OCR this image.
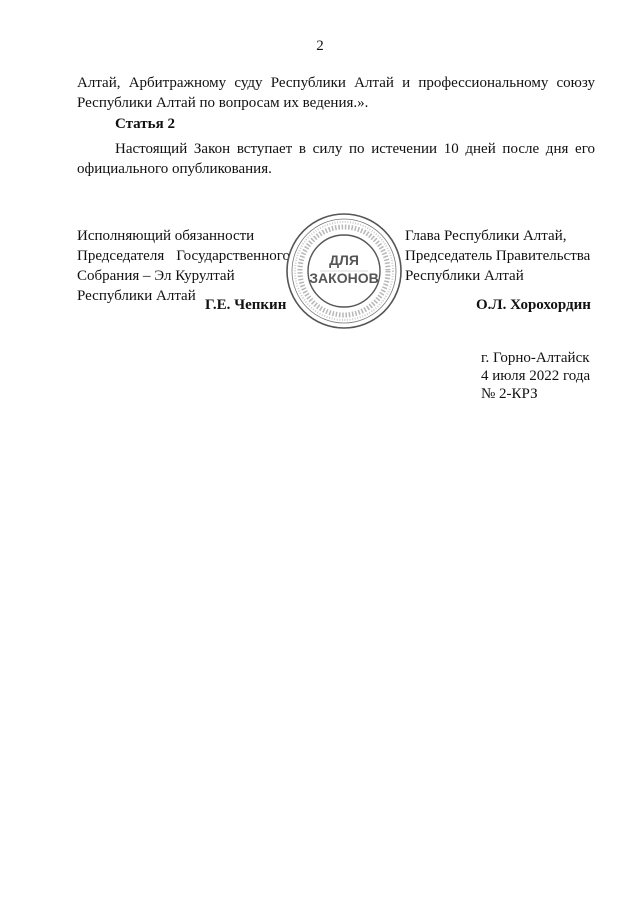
2
Алтай, Арбитражному суду Республики Алтай и профессиональному союзу
Республики Алтай по вопросам их ведения.».
Статья 2
Настоящий Закон вступает в силу по истечении 10 дней после дня его
официального опубликования.
Исполняющий обязанности
Председателя Государственного
Собрания – Эл Курултай
Республики Алтай
Г.Е. Чепкин
Глава Республики Алтай,
Председатель Правительства
Республики Алтай
О.Л. Хорохордин
ДЛЯ
ЗАКОНОВ
г. Горно-Алтайск
4 июля 2022 года
№ 2-КРЗ
